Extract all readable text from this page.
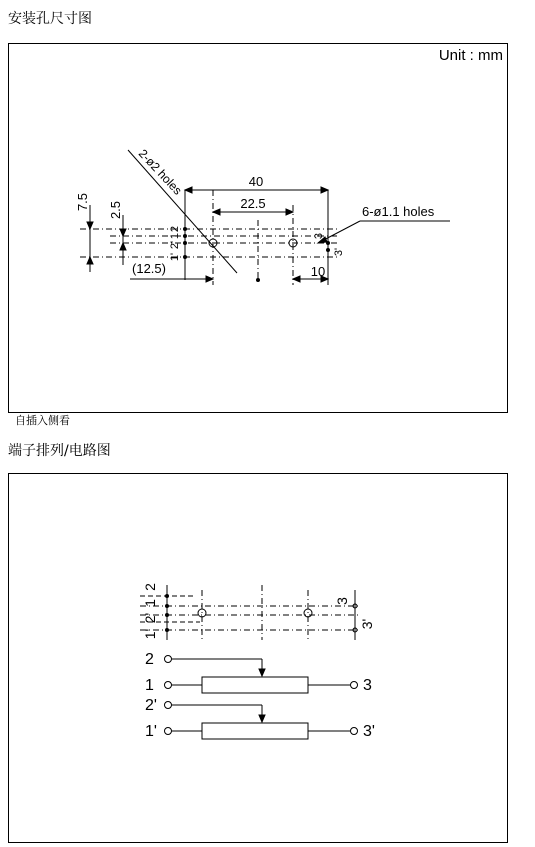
安装孔尺寸图
Unit : mm
40
22.5
7.5 2.5
(12.5)	10
2-ø2 holes
6-ø1.1 holes
2
1
2'
1'
3
3'
自插入侧看
端子排列/电路图
2
1
2'
1'
3
3'
2
1	3
2'
1'	3'
